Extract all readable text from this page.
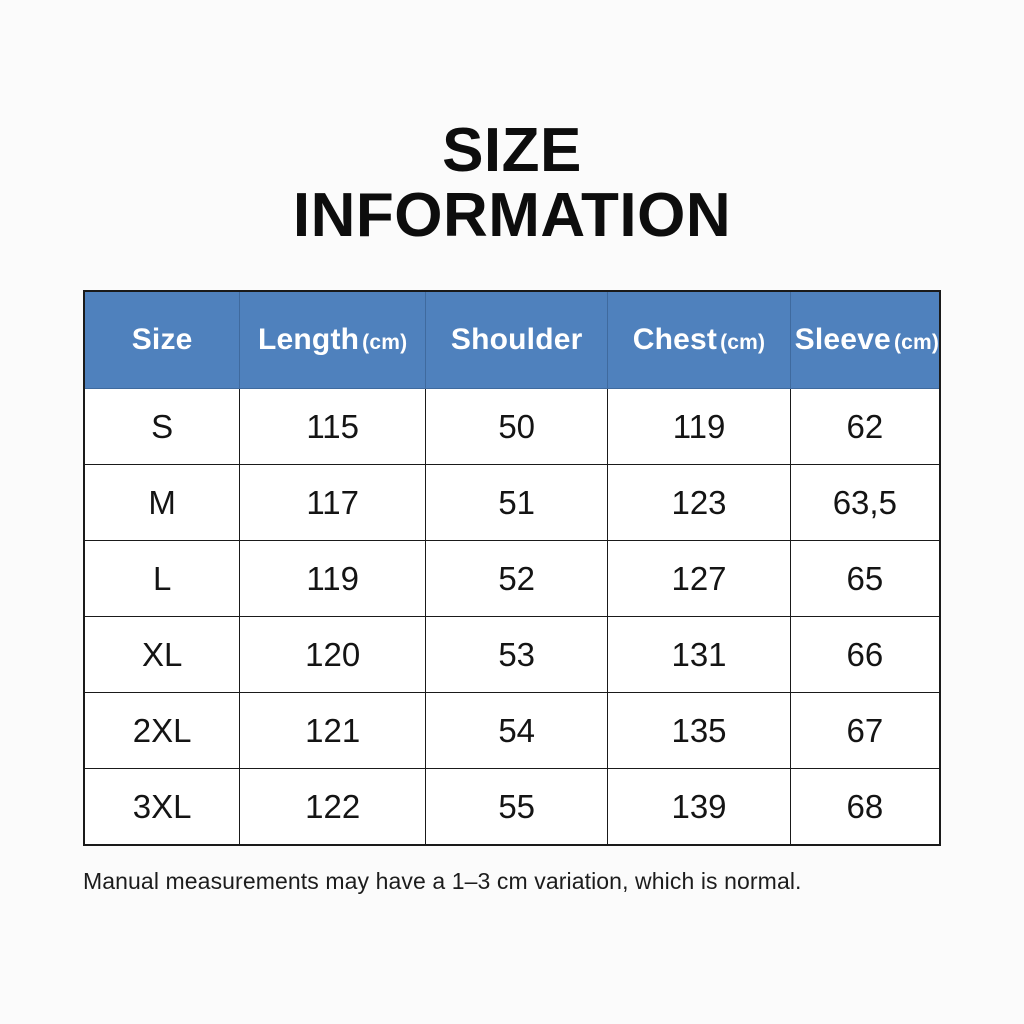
SIZE
INFORMATION
Size	Length (cm)	Shoulder	Chest (cm)	Sleeve (cm)
S	115	50	119	62
M	117	51	123	63,5
L	119	52	127	65
XL	120	53	131	66
2XL	121	54	135	67
3XL	122	55	139	68
Manual measurements may have a 1–3 cm variation, which is normal.
